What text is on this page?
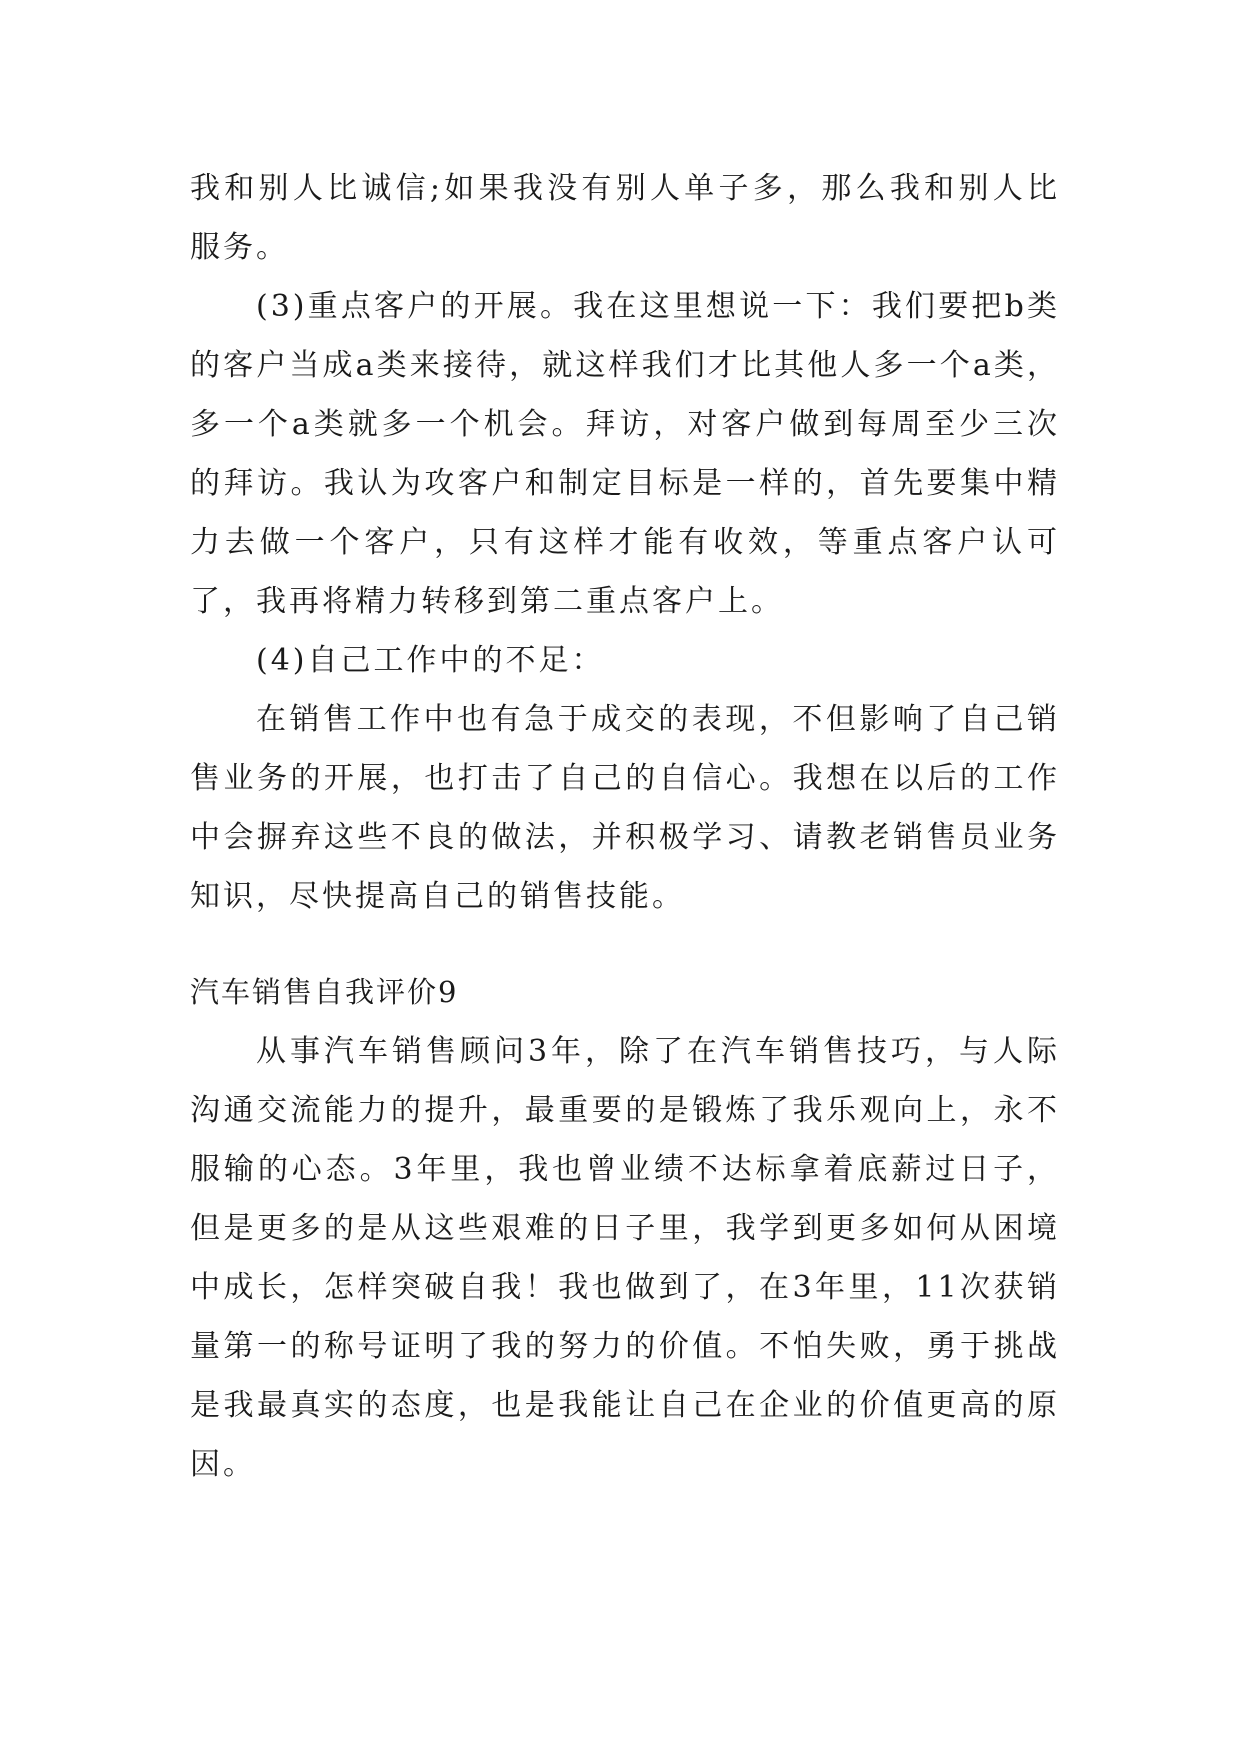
我和别人比诚信;如果我没有别人单子多，那么我和别人比服务。

(3)重点客户的开展。我在这里想说一下：我们要把b类的客户当成a类来接待，就这样我们才比其他人多一个a类，多一个a类就多一个机会。拜访，对客户做到每周至少三次的拜访。我认为攻客户和制定目标是一样的，首先要集中精力去做一个客户，只有这样才能有收效，等重点客户认可了，我再将精力转移到第二重点客户上。

(4)自己工作中的不足：

在销售工作中也有急于成交的表现，不但影响了自己销售业务的开展，也打击了自己的自信心。我想在以后的工作中会摒弃这些不良的做法，并积极学习、请教老销售员业务知识，尽快提高自己的销售技能。

汽车销售自我评价9

从事汽车销售顾问3年，除了在汽车销售技巧，与人际沟通交流能力的提升，最重要的是锻炼了我乐观向上，永不服输的心态。3年里，我也曾业绩不达标拿着底薪过日子，但是更多的是从这些艰难的日子里，我学到更多如何从困境中成长，怎样突破自我！我也做到了，在3年里，11次获销量第一的称号证明了我的努力的价值。不怕失败，勇于挑战是我最真实的态度，也是我能让自己在企业的价值更高的原因。
